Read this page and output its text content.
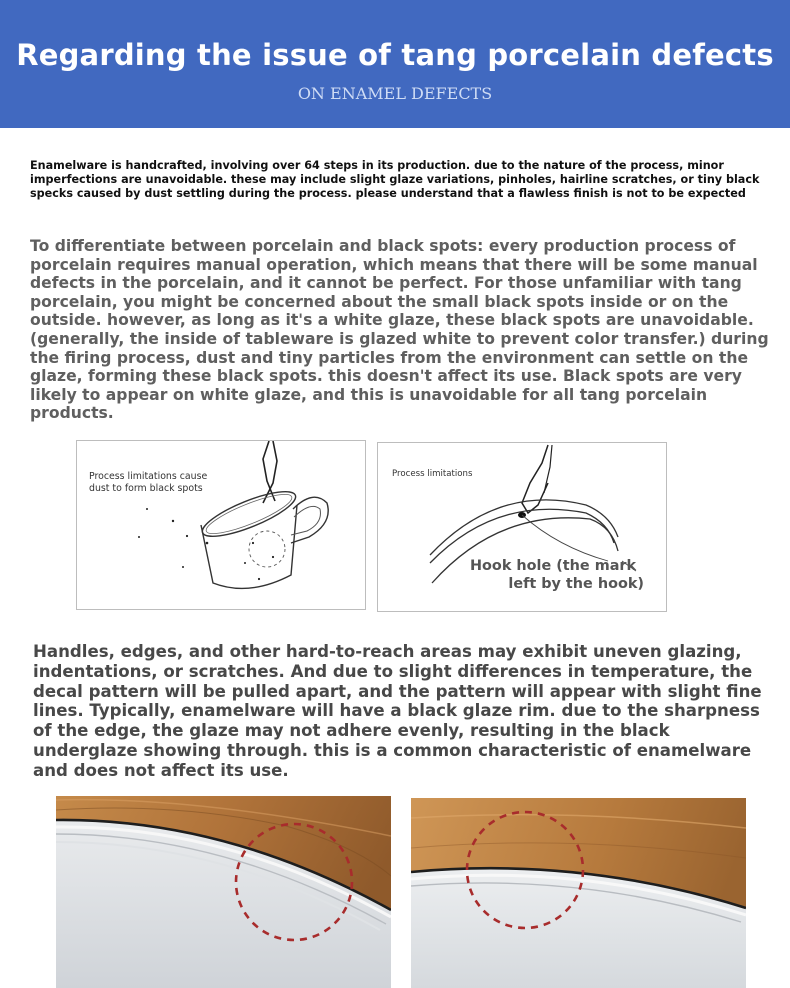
Regarding the issue of tang porcelain defects
ON ENAMEL DEFECTS
Enamelware is handcrafted, involving over 64 steps in its production. due to the nature of the process, minor imperfections are unavoidable. these may include slight glaze variations, pinholes, hairline scratches, or tiny black specks caused by dust settling during the process. please understand that a flawless finish is not to be expected
To differentiate between porcelain and black spots: every production process of porcelain requires manual operation, which means that there will be some manual defects in the porcelain, and it cannot be perfect. For those unfamiliar with tang porcelain, you might be concerned about the small black spots inside or on the outside. however, as long as it's a white glaze, these black spots are unavoidable. (generally, the inside of tableware is glazed white to prevent color transfer.) during the firing process, dust and tiny particles from the environment can settle on the glaze, forming these black spots. this doesn't affect its use. Black spots are very likely to appear on white glaze, and this is unavoidable for all tang porcelain products.
Process limitations cause
dust to form black spots
Process limitations
Hook hole (the mark
left by the hook)
Handles, edges, and other hard-to-reach areas may exhibit uneven glazing, indentations, or scratches. And due to slight differences in temperature, the decal pattern will be pulled apart, and the pattern will appear with slight fine lines. Typically, enamelware will have a black glaze rim. due to the sharpness of the edge, the glaze may not adhere evenly, resulting in the black underglaze showing through. this is a common characteristic of enamelware and does not affect its use.
